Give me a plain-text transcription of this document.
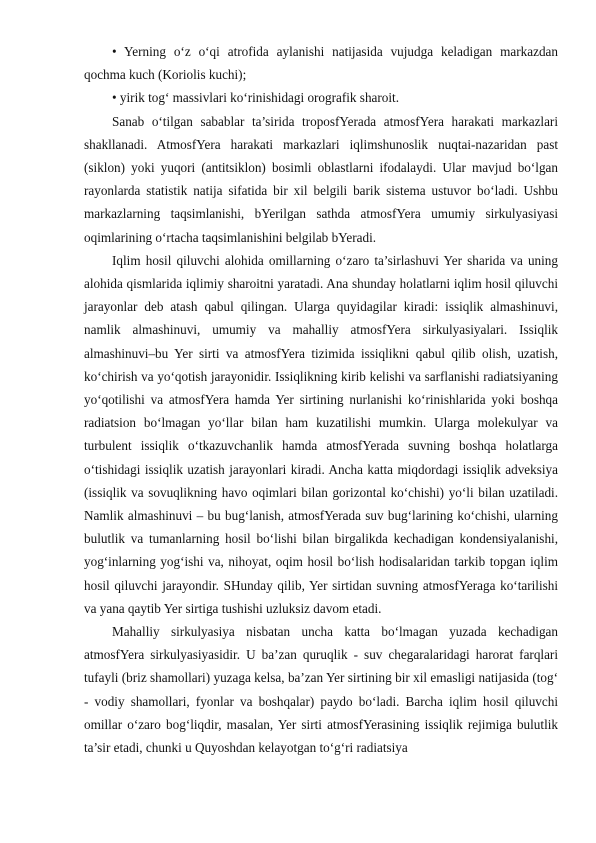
• Yerning o‘z o‘qi atrofida aylanishi natijasida vujudga keladigan markazdan qochma kuch (Koriolis kuchi);

• yirik tog‘ massivlari ko‘rinishidagi orografik sharoit.

Sanab o‘tilgan sabablar ta’sirida troposfYerada atmosfYera harakati markazlari shakllanadi. AtmosfYera harakati markazlari iqlimshunoslik nuqtai-nazaridan past (siklon) yoki yuqori (antitsiklon) bosimli oblastlarni ifodalaydi. Ular mavjud bo‘lgan rayonlarda statistik natija sifatida bir xil belgili barik sistema ustuvor bo‘ladi. Ushbu markazlarning taqsimlanishi, bYerilgan sathda atmosfYera umumiy sirkulyasiyasi oqimlarining o‘rtacha taqsimlanishini belgilab bYeradi.

Iqlim hosil qiluvchi alohida omillarning o‘zaro ta’sirlashuvi Yer sharida va uning alohida qismlarida iqlimiy sharoitni yaratadi. Ana shunday holatlarni iqlim hosil qiluvchi jarayonlar deb atash qabul qilingan. Ularga quyidagilar kiradi: issiqlik almashinuvi, namlik almashinuvi, umumiy va mahalliy atmosfYera sirkulyasiyalari. Issiqlik almashinuvi–bu Yer sirti va atmosfYera tizimida issiqlikni qabul qilib olish, uzatish, ko‘chirish va yo‘qotish jarayonidir. Issiqlikning kirib kelishi va sarflanishi radiatsiyaning yo‘qotilishi va atmosfYera hamda Yer sirtining nurlanishi ko‘rinishlarida yoki boshqa radiatsion bo‘lmagan yo‘llar bilan ham kuzatilishi mumkin. Ularga molekulyar va turbulent issiqlik o‘tkazuvchanlik hamda atmosfYerada suvning boshqa holatlarga o‘tishidagi issiqlik uzatish jarayonlari kiradi. Ancha katta miqdordagi issiqlik adveksiya (issiqlik va sovuqlikning havo oqimlari bilan gorizontal ko‘chishi) yo‘li bilan uzatiladi. Namlik almashinuvi – bu bug‘lanish, atmosfYerada suv bug‘larining ko‘chishi, ularning bulutlik va tumanlarning hosil bo‘lishi bilan birgalikda kechadigan kondensiyalanishi, yog‘inlarning yog‘ishi va, nihoyat, oqim hosil bo‘lish hodisalaridan tarkib topgan iqlim hosil qiluvchi jarayondir. SHunday qilib, Yer sirtidan suvning atmosfYeraga ko‘tarilishi va yana qaytib Yer sirtiga tushishi uzluksiz davom etadi.

Mahalliy sirkulyasiya nisbatan uncha katta bo‘lmagan yuzada kechadigan atmosfYera sirkulyasiyasidir. U ba’zan quruqlik - suv chegaralaridagi harorat farqlari tufayli (briz shamollari) yuzaga kelsa, ba’zan Yer sirtining bir xil emasligi natijasida (tog‘ - vodiy shamollari, fyonlar va boshqalar) paydo bo‘ladi. Barcha iqlim hosil qiluvchi omillar o‘zaro bog‘liqdir, masalan, Yer sirti atmosfYerasining issiqlik rejimiga bulutlik ta’sir etadi, chunki u Quyoshdan kelayotgan to‘g‘ri radiatsiya
